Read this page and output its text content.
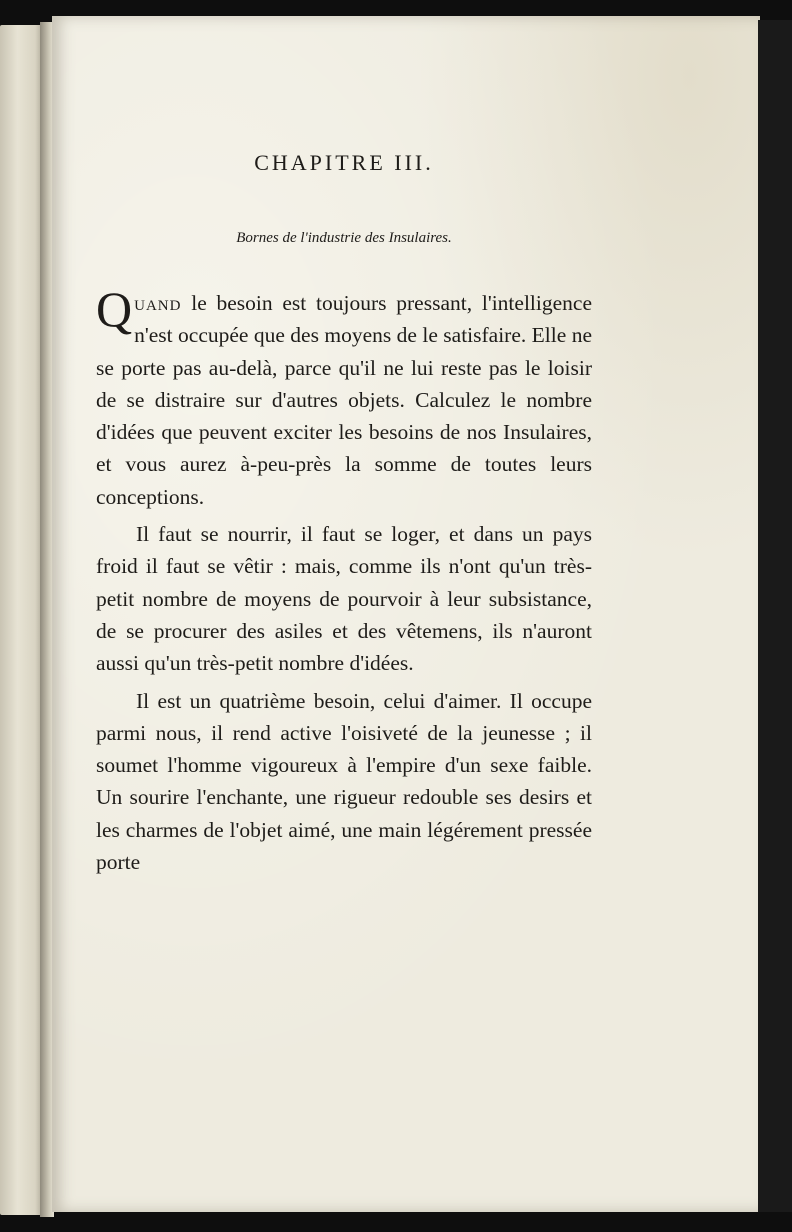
CHAPITRE III.

Bornes de l'industrie des Insulaires.

Quand le besoin est toujours pressant, l'intelligence n'est occupée que des moyens de le satisfaire. Elle ne se porte pas au-delà, parce qu'il ne lui reste pas le loisir de se distraire sur d'autres objets. Calculez le nombre d'idées que peuvent exciter les besoins de nos Insulaires, et vous aurez à-peu-près la somme de toutes leurs conceptions.

Il faut se nourrir, il faut se loger, et dans un pays froid il faut se vêtir : mais, comme ils n'ont qu'un très-petit nombre de moyens de pourvoir à leur subsistance, de se procurer des asiles et des vêtemens, ils n'auront aussi qu'un très-petit nombre d'idées.

Il est un quatrième besoin, celui d'aimer. Il occupe parmi nous, il rend active l'oisiveté de la jeunesse ; il soumet l'homme vigoureux à l'empire d'un sexe faible. Un sourire l'enchante, une rigueur redouble ses desirs et les charmes de l'objet aimé, une main légérement pressée porte
